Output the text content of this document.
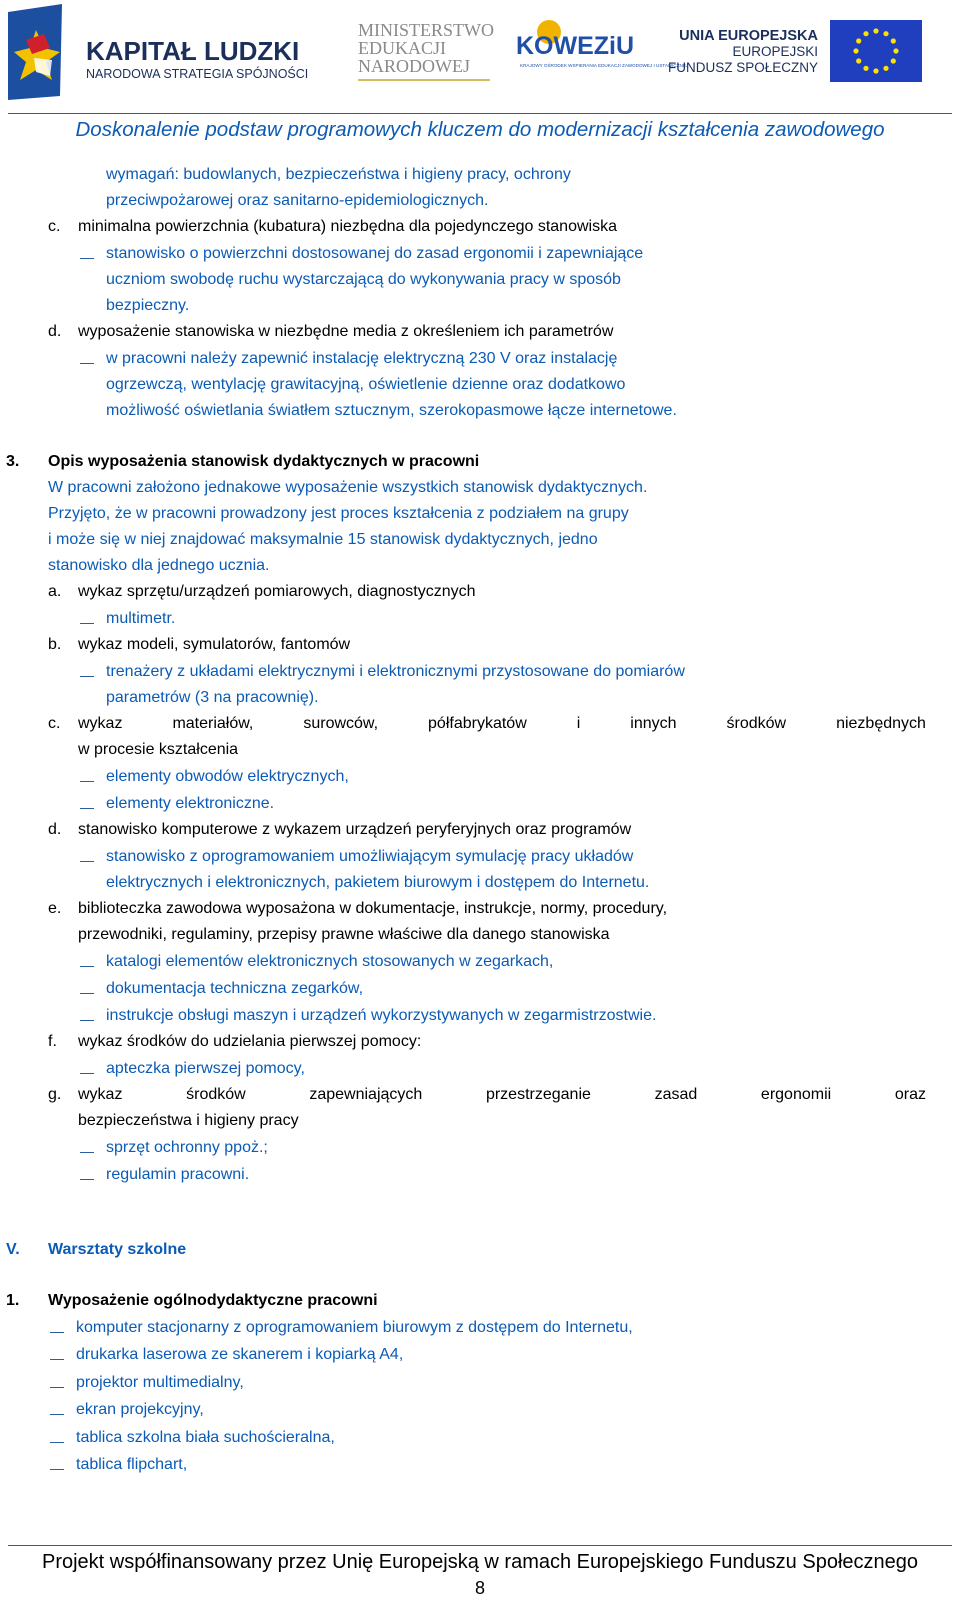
KAPITAŁ LUDZKI
NARODOWA STRATEGIA SPÓJNOŚCI
MINISTERSTWO
EDUKACJI
NARODOWEJ
KOWEZiU
KRAJOWY OŚRODEK WSPIERANIA EDUKACJI ZAWODOWEJ I USTAWICZNEJ
UNIA EUROPEJSKA
EUROPEJSKI
FUNDUSZ SPOŁECZNY
Doskonalenie podstaw programowych kluczem do modernizacji kształcenia zawodowego
wymagań: budowlanych, bezpieczeństwa i higieny pracy, ochrony
przeciwpożarowej oraz sanitarno-epidemiologicznych.
c. minimalna powierzchnia (kubatura) niezbędna dla pojedynczego stanowiska
stanowisko o powierzchni dostosowanej do zasad ergonomii i zapewniające
uczniom swobodę ruchu wystarczającą do wykonywania pracy w sposób
bezpieczny.
d. wyposażenie stanowiska w niezbędne media z określeniem ich parametrów
w pracowni należy zapewnić instalację elektryczną 230 V oraz instalację
ogrzewczą, wentylację grawitacyjną, oświetlenie dzienne oraz dodatkowo
możliwość oświetlania światłem sztucznym, szerokopasmowe łącze internetowe.
3. Opis wyposażenia stanowisk dydaktycznych w pracowni
W pracowni założono jednakowe wyposażenie wszystkich stanowisk dydaktycznych.
Przyjęto, że w pracowni prowadzony jest proces kształcenia z podziałem na grupy
i może się w niej znajdować maksymalnie 15 stanowisk dydaktycznych, jedno
stanowisko dla jednego ucznia.
a. wykaz sprzętu/urządzeń pomiarowych, diagnostycznych
multimetr.
b. wykaz modeli, symulatorów, fantomów
trenażery z układami elektrycznymi i elektronicznymi przystosowane do pomiarów
parametrów (3 na pracownię).
c. wykaz	materiałów,	surowców,	półfabrykatów	i	innych	środków	niezbędnych
w procesie kształcenia
elementy obwodów elektrycznych,
elementy elektroniczne.
d. stanowisko komputerowe z wykazem urządzeń peryferyjnych oraz programów
stanowisko z oprogramowaniem umożliwiającym symulację pracy układów
elektrycznych i elektronicznych, pakietem biurowym i dostępem do Internetu.
e. biblioteczka zawodowa wyposażona w dokumentacje, instrukcje, normy, procedury,
przewodniki, regulaminy, przepisy prawne właściwe dla danego stanowiska
katalogi elementów elektronicznych stosowanych w zegarkach,
dokumentacja techniczna zegarków,
instrukcje obsługi maszyn i urządzeń wykorzystywanych w zegarmistrzostwie.
f. wykaz środków do udzielania pierwszej pomocy:
apteczka pierwszej pomocy,
g. wykaz	środków	zapewniających	przestrzeganie	zasad	ergonomii	oraz
bezpieczeństwa i higieny pracy
sprzęt ochronny ppoż.;
regulamin pracowni.
V. Warsztaty szkolne
1. Wyposażenie ogólnodydaktyczne pracowni
komputer stacjonarny z oprogramowaniem biurowym z dostępem do Internetu,
drukarka laserowa ze skanerem i kopiarką A4,
projektor multimedialny,
ekran projekcyjny,
tablica szkolna biała suchościeralna,
tablica flipchart,
Projekt współfinansowany przez Unię Europejską w ramach Europejskiego Funduszu Społecznego
8
